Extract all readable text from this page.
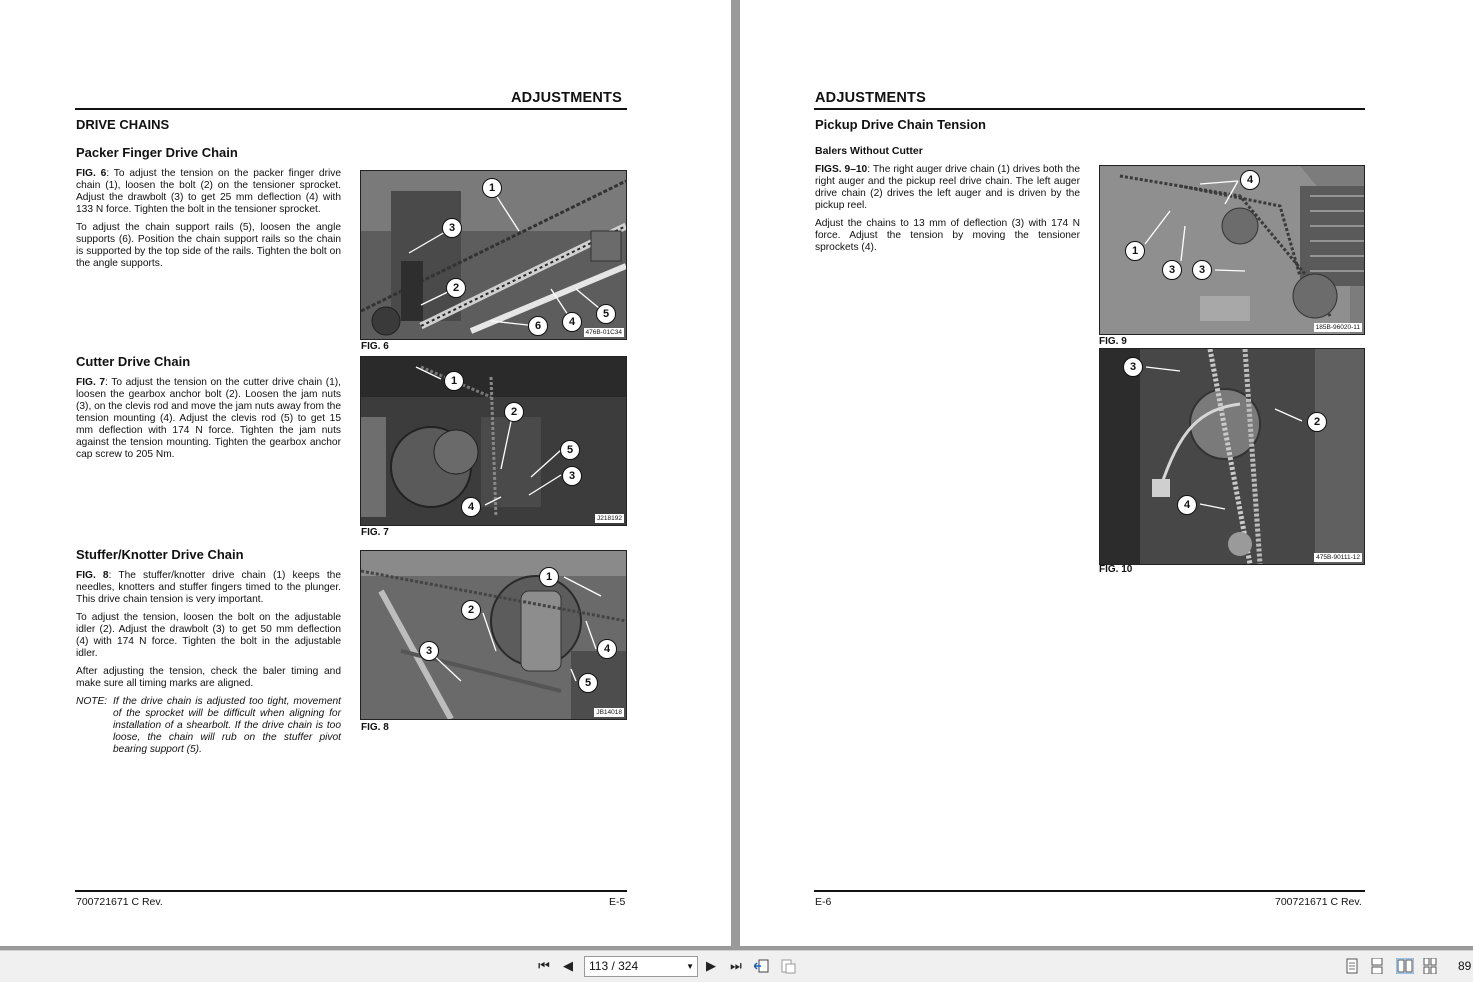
ADJUSTMENTS
DRIVE CHAINS
Packer Finger Drive Chain

FIG. 6: To adjust the tension on the packer finger drive chain (1), loosen the bolt (2) on the tensioner sprocket. Adjust the drawbolt (3) to get 25 mm deflection (4) with 133 N force. Tighten the bolt in the tensioner sprocket.

To adjust the chain support rails (5), loosen the angle supports (6). Position the chain support rails so the chain is supported by the top side of the rails. Tighten the bolt on the angle supports.

Cutter Drive Chain

FIG. 7: To adjust the tension on the cutter drive chain (1), loosen the gearbox anchor bolt (2). Loosen the jam nuts (3), on the clevis rod and move the jam nuts away from the tension mounting (4). Adjust the clevis rod (5) to get 15 mm deflection with 174 N force. Tighten the jam nuts against the tension mounting. Tighten the gearbox anchor cap screw to 205 Nm.

Stuffer/Knotter Drive Chain

FIG. 8: The stuffer/knotter drive chain (1) keeps the needles, knotters and stuffer fingers timed to the plunger. This drive chain tension is very important.

To adjust the tension, loosen the bolt on the adjustable idler (2). Adjust the drawbolt (3) to get 50 mm deflection (4) with 174 N force. Tighten the bolt in the adjustable idler.

After adjusting the tension, check the baler timing and make sure all timing marks are aligned.

NOTE: If the drive chain is adjusted too tight, movement of the sprocket will be difficult when aligning for installation of a shearbolt. If the drive chain is too loose, the chain will rub on the stuffer pivot bearing support (5).
476B-01C34
FIG. 6
J218192
FIG. 7
JB14018
FIG. 8
700721671 C Rev.	E-5
ADJUSTMENTS
Pickup Drive Chain Tension
Balers Without Cutter

FIGS. 9–10: The right auger drive chain (1) drives both the right auger and the pickup reel drive chain. The left auger drive chain (2) drives the left auger and is driven by the pickup reel.

Adjust the chains to 13 mm of deflection (3) with 174 N force. Adjust the tension by moving the tensioner sprockets (4).

185B-96020-11
FIG. 9
475B-90111-12
FIG. 10
E-6	700721671 C Rev.
1
3
2
6	4
5
1
2
5
3
4
1
2
3	4
5
4
1
3	3
3
2
4
⏮ ◀ 113 / 324	▼ ▶ ⏭	89
